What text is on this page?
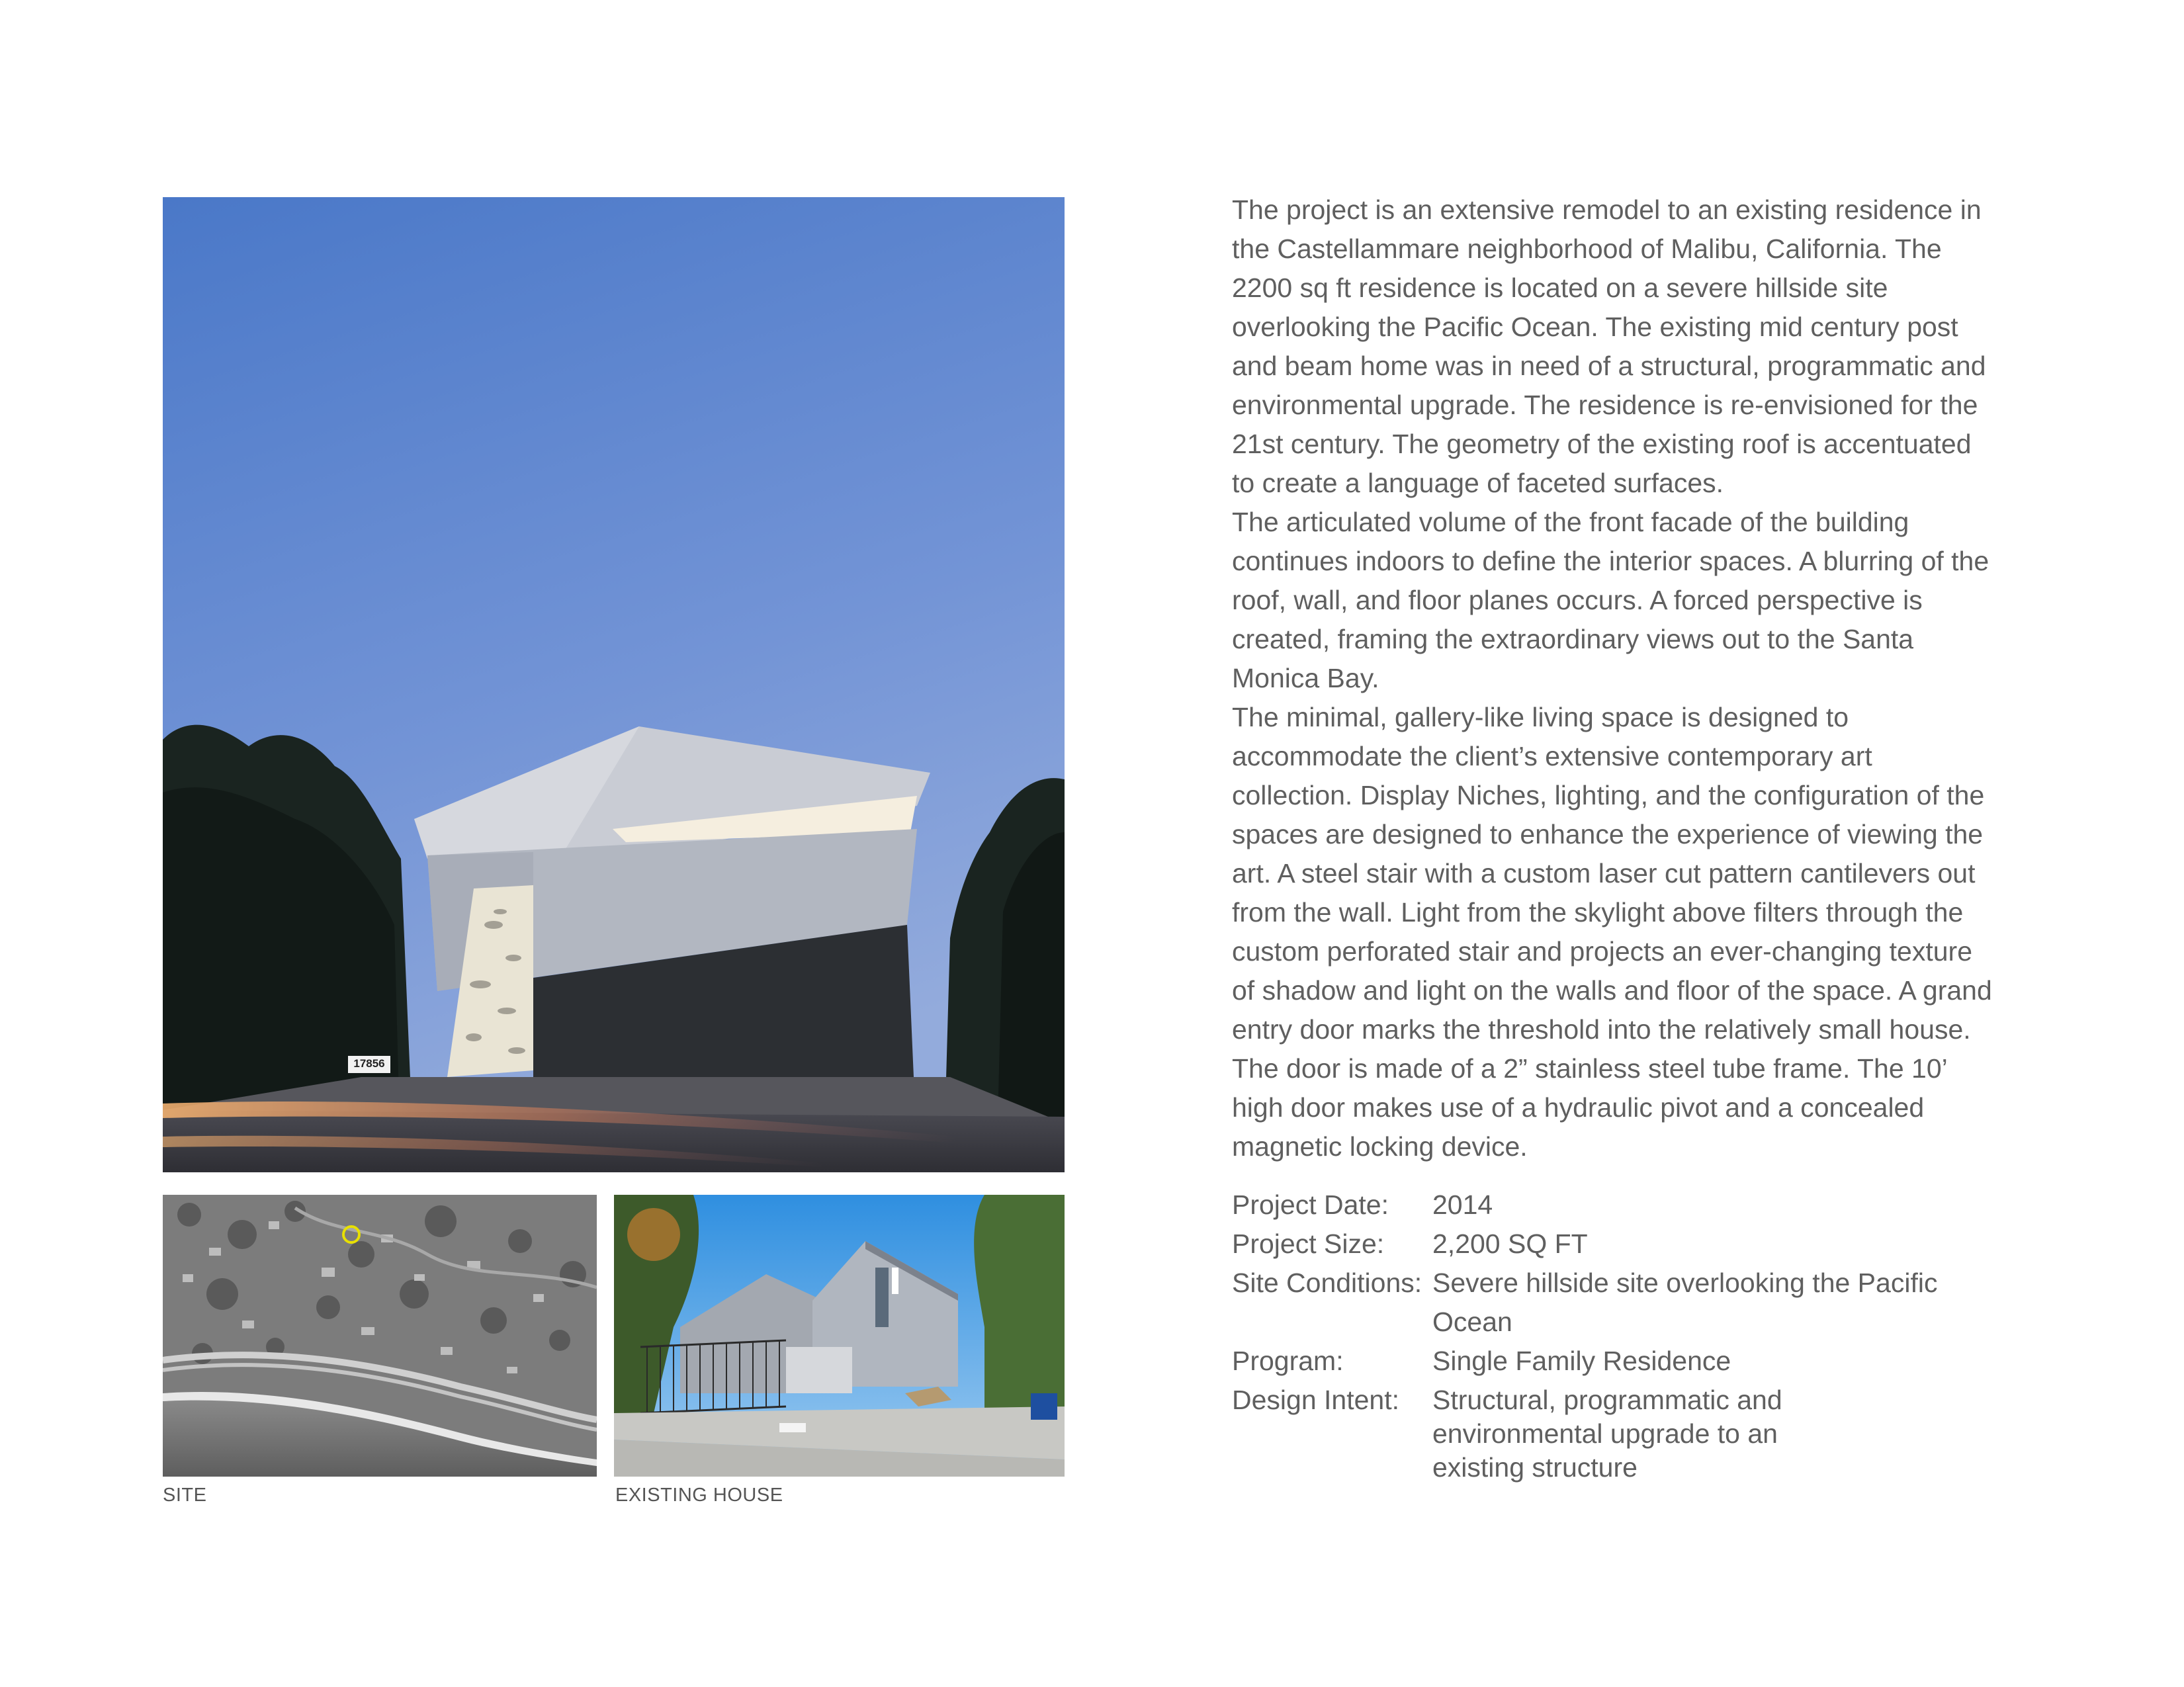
17856
SITE	EXISTING HOUSE

The project is an extensive remodel to an existing residence in the Castellammare neighborhood of Malibu, California. The 2200 sq ft residence is located on a severe hillside site overlooking the Pacific Ocean. The existing mid century post and beam home was in need of a structural, programmatic and environmental upgrade. The residence is re-envisioned for the 21st century. The geometry of the existing roof is accentuated to create a language of faceted surfaces.

The articulated volume of the front facade of the building continues indoors to define the interior spaces. A blurring of the roof, wall, and floor planes occurs. A forced perspective is created, framing the extraordinary views out to the Santa Monica Bay.

The minimal, gallery-like living space is designed to accommodate the client’s extensive contemporary art collection. Display Niches, lighting, and the configuration of the spaces are designed to enhance the experience of viewing the art. A steel stair with a custom laser cut pattern cantilevers out from the wall. Light from the skylight above filters through the custom perforated stair and projects an ever-changing texture of shadow and light on the walls and floor of the space. A grand entry door marks the threshold into the relatively small house. The door is made of a 2” stainless steel tube frame. The 10’ high door makes use of a hydraulic pivot and a concealed magnetic locking device.

Project Date:	2014
Project Size:	2,200 SQ FT
Site Conditions: Severe hillside site overlooking the Pacific Ocean
Program:	Single Family Residence
Design Intent:	Structural, programmatic and environmental upgrade to an existing structure
